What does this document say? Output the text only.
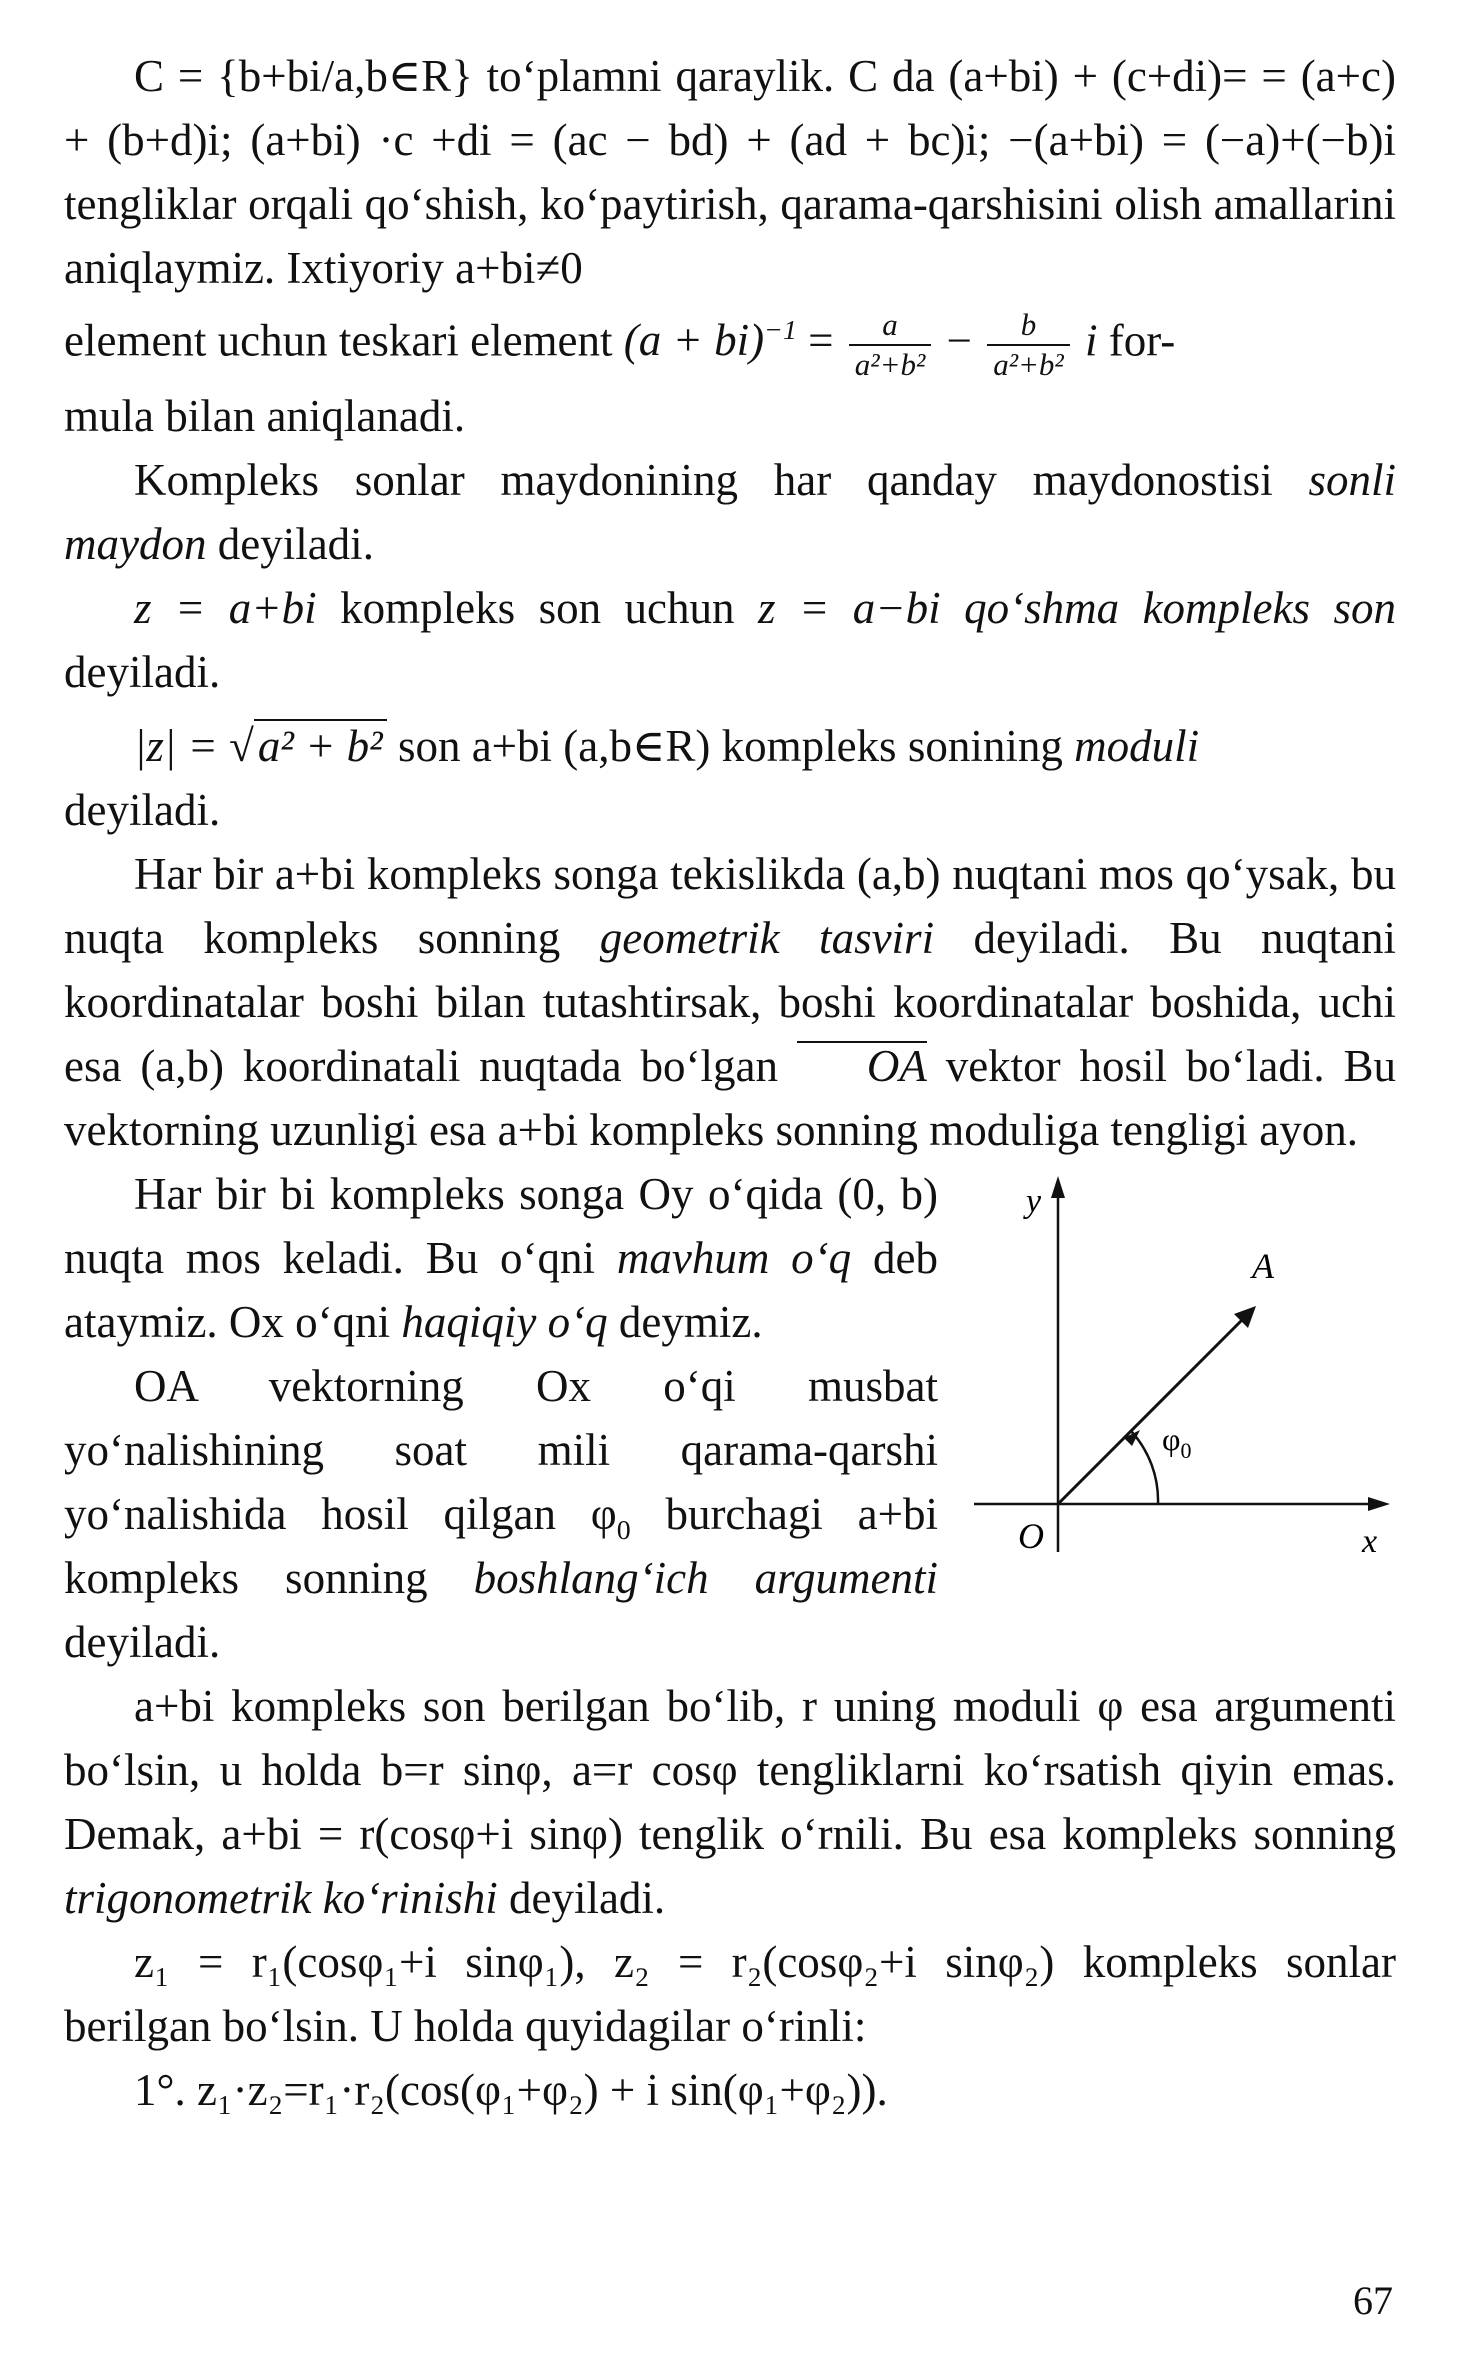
C = {b+bi/a,b∈R} to‘plamni qaraylik. C da (a+bi) + (c+di)= = (a+c) + (b+d)i; (a+bi) ·c +di = (ac − bd) + (ad + bc)i; −(a+bi) = (−a)+(−b)i tengliklar orqali qo‘shish, ko‘paytirish, qarama-qarshisini olish amallarini aniqlaymiz. Ixtiyoriy a+bi≠0

element uchun teskari element $(a + bi)^{-1} = \frac{a}{\text{a²+b²}} - \frac{b}{\text{a²+b²}}$ i for-

mula bilan aniqlanadi.

Kompleks sonlar maydonining har qanday maydonostisi sonli maydon deyiladi.

z = a+bi kompleks son uchun z = a−bi qo‘shma kompleks son deyiladi.

|z| = √a² + b² son a+bi (a,b∈R) kompleks sonining moduli

deyiladi.

Har bir a+bi kompleks songa tekislikda (a,b) nuqtani mos qo‘ysak, bu nuqta kompleks sonning geometrik tasviri deyiladi. Bu nuqtani koordinatalar boshi bilan tutashtirsak, boshi koordinatalar boshida, uchi esa (a,b) koordinatali nuqtada bo‘lgan OA vektor hosil bo‘ladi. Bu vektorning uzunligi esa a+bi kompleks sonning moduliga tengligi ayon.

y
x
O
A
$\varphi_0$

Har bir bi kompleks songa Oy o‘qida (0, b) nuqta mos keladi. Bu o‘qni mavhum o‘q deb ataymiz. Ox o‘qni haqiqiy o‘q deymiz.

OA vektorning Ox o‘qi musbat yo‘nalishining soat mili qarama-qarshi yo‘nalishida hosil qilgan $\varphi_0$ burchagi a+bi kompleks sonning boshlang‘ich argumenti deyiladi.

a+bi kompleks son berilgan bo‘lib, r uning moduli φ esa argumenti bo‘lsin, u holda b=r sinφ, a=r cosφ tengliklarni ko‘rsatish qiyin emas. Demak, a+bi = r(cosφ+i sinφ) tenglik o‘rnili. Bu esa kompleks sonning trigonometrik ko‘rinishi deyiladi.

z₁ = r₁(cosφ₁+i sinφ₁), z₂ = r₂(cosφ₂+i sinφ₂) kompleks sonlar berilgan bo‘lsin. U holda quyidagilar o‘rinli:

1°. z₁·z₂=r₁·r₂(cos(φ₁+φ₂) + i sin(φ₁+φ₂)).

67
